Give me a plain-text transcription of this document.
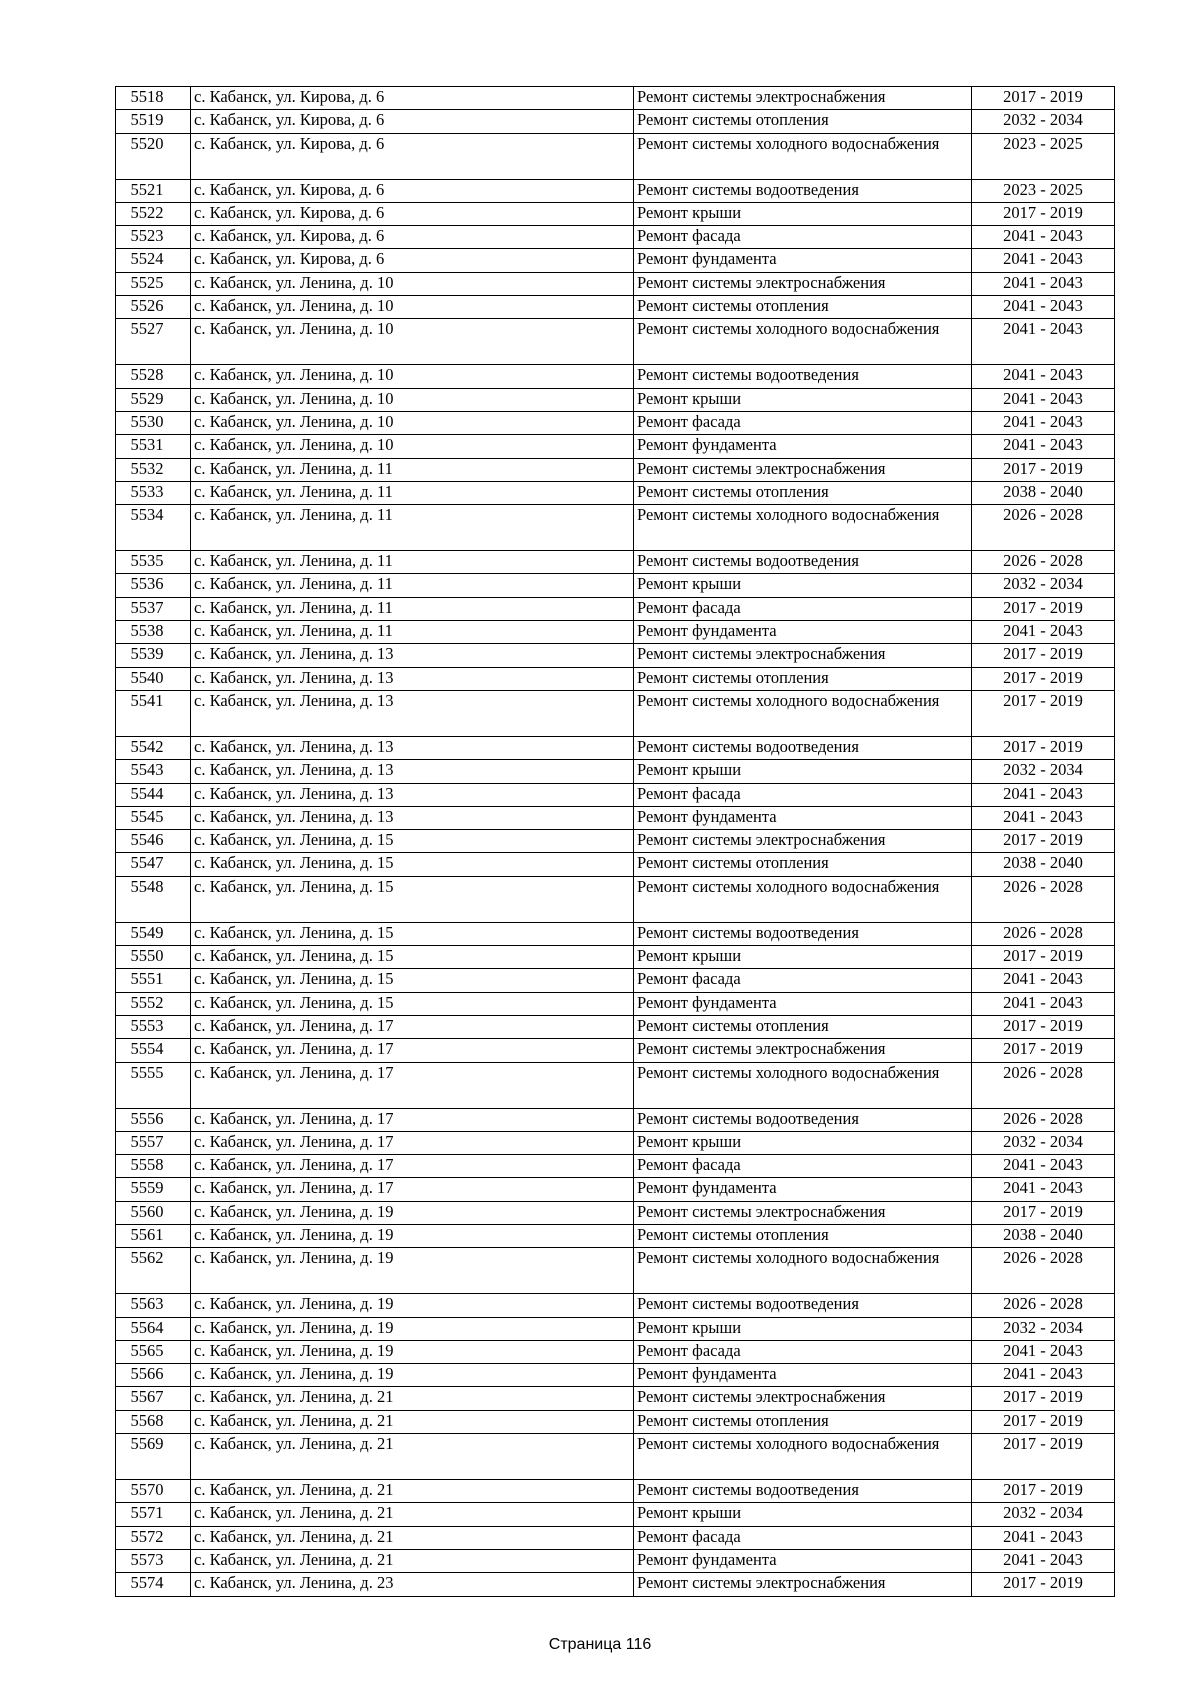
5518	с. Кабанск, ул. Кирова, д. 6	Ремонт системы электроснабжения	2017 - 2019
5519	с. Кабанск, ул. Кирова, д. 6	Ремонт системы отопления	2032 - 2034
5520	с. Кабанск, ул. Кирова, д. 6	Ремонт системы холодного водоснабжения	2023 - 2025
5521	с. Кабанск, ул. Кирова, д. 6	Ремонт системы водоотведения	2023 - 2025
5522	с. Кабанск, ул. Кирова, д. 6	Ремонт крыши	2017 - 2019
5523	с. Кабанск, ул. Кирова, д. 6	Ремонт фасада	2041 - 2043
5524	с. Кабанск, ул. Кирова, д. 6	Ремонт фундамента	2041 - 2043
5525	с. Кабанск, ул. Ленина, д. 10	Ремонт системы электроснабжения	2041 - 2043
5526	с. Кабанск, ул. Ленина, д. 10	Ремонт системы отопления	2041 - 2043
5527	с. Кабанск, ул. Ленина, д. 10	Ремонт системы холодного водоснабжения	2041 - 2043
5528	с. Кабанск, ул. Ленина, д. 10	Ремонт системы водоотведения	2041 - 2043
5529	с. Кабанск, ул. Ленина, д. 10	Ремонт крыши	2041 - 2043
5530	с. Кабанск, ул. Ленина, д. 10	Ремонт фасада	2041 - 2043
5531	с. Кабанск, ул. Ленина, д. 10	Ремонт фундамента	2041 - 2043
5532	с. Кабанск, ул. Ленина, д. 11	Ремонт системы электроснабжения	2017 - 2019
5533	с. Кабанск, ул. Ленина, д. 11	Ремонт системы отопления	2038 - 2040
5534	с. Кабанск, ул. Ленина, д. 11	Ремонт системы холодного водоснабжения	2026 - 2028
5535	с. Кабанск, ул. Ленина, д. 11	Ремонт системы водоотведения	2026 - 2028
5536	с. Кабанск, ул. Ленина, д. 11	Ремонт крыши	2032 - 2034
5537	с. Кабанск, ул. Ленина, д. 11	Ремонт фасада	2017 - 2019
5538	с. Кабанск, ул. Ленина, д. 11	Ремонт фундамента	2041 - 2043
5539	с. Кабанск, ул. Ленина, д. 13	Ремонт системы электроснабжения	2017 - 2019
5540	с. Кабанск, ул. Ленина, д. 13	Ремонт системы отопления	2017 - 2019
5541	с. Кабанск, ул. Ленина, д. 13	Ремонт системы холодного водоснабжения	2017 - 2019
5542	с. Кабанск, ул. Ленина, д. 13	Ремонт системы водоотведения	2017 - 2019
5543	с. Кабанск, ул. Ленина, д. 13	Ремонт крыши	2032 - 2034
5544	с. Кабанск, ул. Ленина, д. 13	Ремонт фасада	2041 - 2043
5545	с. Кабанск, ул. Ленина, д. 13	Ремонт фундамента	2041 - 2043
5546	с. Кабанск, ул. Ленина, д. 15	Ремонт системы электроснабжения	2017 - 2019
5547	с. Кабанск, ул. Ленина, д. 15	Ремонт системы отопления	2038 - 2040
5548	с. Кабанск, ул. Ленина, д. 15	Ремонт системы холодного водоснабжения	2026 - 2028
5549	с. Кабанск, ул. Ленина, д. 15	Ремонт системы водоотведения	2026 - 2028
5550	с. Кабанск, ул. Ленина, д. 15	Ремонт крыши	2017 - 2019
5551	с. Кабанск, ул. Ленина, д. 15	Ремонт фасада	2041 - 2043
5552	с. Кабанск, ул. Ленина, д. 15	Ремонт фундамента	2041 - 2043
5553	с. Кабанск, ул. Ленина, д. 17	Ремонт системы отопления	2017 - 2019
5554	с. Кабанск, ул. Ленина, д. 17	Ремонт системы электроснабжения	2017 - 2019
5555	с. Кабанск, ул. Ленина, д. 17	Ремонт системы холодного водоснабжения	2026 - 2028
5556	с. Кабанск, ул. Ленина, д. 17	Ремонт системы водоотведения	2026 - 2028
5557	с. Кабанск, ул. Ленина, д. 17	Ремонт крыши	2032 - 2034
5558	с. Кабанск, ул. Ленина, д. 17	Ремонт фасада	2041 - 2043
5559	с. Кабанск, ул. Ленина, д. 17	Ремонт фундамента	2041 - 2043
5560	с. Кабанск, ул. Ленина, д. 19	Ремонт системы электроснабжения	2017 - 2019
5561	с. Кабанск, ул. Ленина, д. 19	Ремонт системы отопления	2038 - 2040
5562	с. Кабанск, ул. Ленина, д. 19	Ремонт системы холодного водоснабжения	2026 - 2028
5563	с. Кабанск, ул. Ленина, д. 19	Ремонт системы водоотведения	2026 - 2028
5564	с. Кабанск, ул. Ленина, д. 19	Ремонт крыши	2032 - 2034
5565	с. Кабанск, ул. Ленина, д. 19	Ремонт фасада	2041 - 2043
5566	с. Кабанск, ул. Ленина, д. 19	Ремонт фундамента	2041 - 2043
5567	с. Кабанск, ул. Ленина, д. 21	Ремонт системы электроснабжения	2017 - 2019
5568	с. Кабанск, ул. Ленина, д. 21	Ремонт системы отопления	2017 - 2019
5569	с. Кабанск, ул. Ленина, д. 21	Ремонт системы холодного водоснабжения	2017 - 2019
5570	с. Кабанск, ул. Ленина, д. 21	Ремонт системы водоотведения	2017 - 2019
5571	с. Кабанск, ул. Ленина, д. 21	Ремонт крыши	2032 - 2034
5572	с. Кабанск, ул. Ленина, д. 21	Ремонт фасада	2041 - 2043
5573	с. Кабанск, ул. Ленина, д. 21	Ремонт фундамента	2041 - 2043
5574	с. Кабанск, ул. Ленина, д. 23	Ремонт системы электроснабжения	2017 - 2019
Страница 116
